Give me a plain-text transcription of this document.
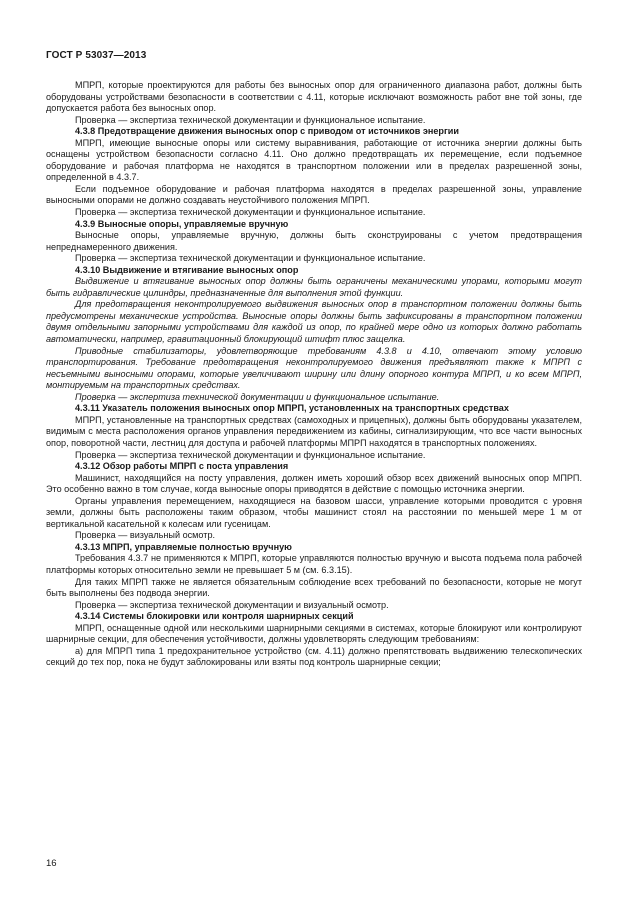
ГОСТ Р 53037—2013

МПРП, которые проектируются для работы без выносных опор для ограниченного диапазона работ, должны быть оборудованы устройствами безопасности в соответствии с 4.11, которые исключают возможность работ вне той зоны, где допускается работа без выносных опор.

Проверка — экспертиза технической документации и функциональное испытание.

4.3.8 Предотвращение движения выносных опор с приводом от источников энергии

МПРП, имеющие выносные опоры или систему выравнивания, работающие от источника энергии должны быть оснащены устройством безопасности согласно 4.11. Оно должно предотвращать их перемещение, если подъемное оборудование и рабочая платформа не находятся в транспортном положении или в пределах разрешенной зоны, определенной в 4.3.7.

Если подъемное оборудование и рабочая платформа находятся в пределах разрешенной зоны, управление выносными опорами не должно создавать неустойчивого положения МПРП.

Проверка — экспертиза технической документации и функциональное испытание.

4.3.9 Выносные опоры, управляемые вручную

Выносные опоры, управляемые вручную, должны быть сконструированы с учетом предотвращения непреднамеренного движения.

Проверка — экспертиза технической документации и функциональное испытание.

4.3.10 Выдвижение и втягивание выносных опор

Выдвижение и втягивание выносных опор должны быть ограничены механическими упорами, которыми могут быть гидравлические цилиндры, предназначенные для выполнения этой функции.

Для предотвращения неконтролируемого выдвижения выносных опор в транспортном положении должны быть предусмотрены механические устройства. Выносные опоры должны быть зафиксированы в транспортном положении двумя отдельными запорными устройствами для каждой из опор, по крайней мере одно из которых должно работать автоматически, например, гравитационный блокирующий штифт плюс защелка.

Приводные стабилизаторы, удовлетворяющие требованиям 4.3.8 и 4.10, отвечают этому условию транспортирования. Требование предотвращения неконтролируемого движения предъявляют также к МПРП с несъемными выносными опорами, которые увеличивают ширину или длину опорного контура МПРП, и ко всем МПРП, монтируемым на транспортных средствах.

Проверка — экспертиза технической документации и функциональное испытание.

4.3.11 Указатель положения выносных опор МПРП, установленных на транспортных средствах

МПРП, установленные на транспортных средствах (самоходных и прицепных), должны быть оборудованы указателем, видимым с места расположения органов управления передвижением из кабины, сигнализирующим, что все части выносных опор, поворотной части, лестниц для доступа и рабочей платформы МПРП находятся в транспортных положениях.

Проверка — экспертиза технической документации и функциональное испытание.

4.3.12 Обзор работы МПРП с поста управления

Машинист, находящийся на посту управления, должен иметь хороший обзор всех движений выносных опор МПРП. Это особенно важно в том случае, когда выносные опоры приводятся в действие с помощью источника энергии.

Органы управления перемещением, находящиеся на базовом шасси, управление которыми проводится с уровня земли, должны быть расположены таким образом, чтобы машинист стоял на расстоянии по меньшей мере 1 м от вертикальной касательной к колесам или гусеницам.

Проверка — визуальный осмотр.

4.3.13 МПРП, управляемые полностью вручную

Требования 4.3.7 не применяются к МПРП, которые управляются полностью вручную и высота подъема пола рабочей платформы которых относительно земли не превышает 5 м (см. 6.3.15).

Для таких МПРП также не является обязательным соблюдение всех требований по безопасности, которые не могут быть выполнены без подвода энергии.

Проверка — экспертиза технической документации и визуальный осмотр.

4.3.14 Системы блокировки или контроля шарнирных секций

МПРП, оснащенные одной или несколькими шарнирными секциями в системах, которые блокируют или контролируют шарнирные секции, для обеспечения устойчивости, должны удовлетворять следующим требованиям:

а) для МПРП типа 1 предохранительное устройство (см. 4.11) должно препятствовать выдвижению телескопических секций до тех пор, пока не будут заблокированы или взяты под контроль шарнирные секции;

16
